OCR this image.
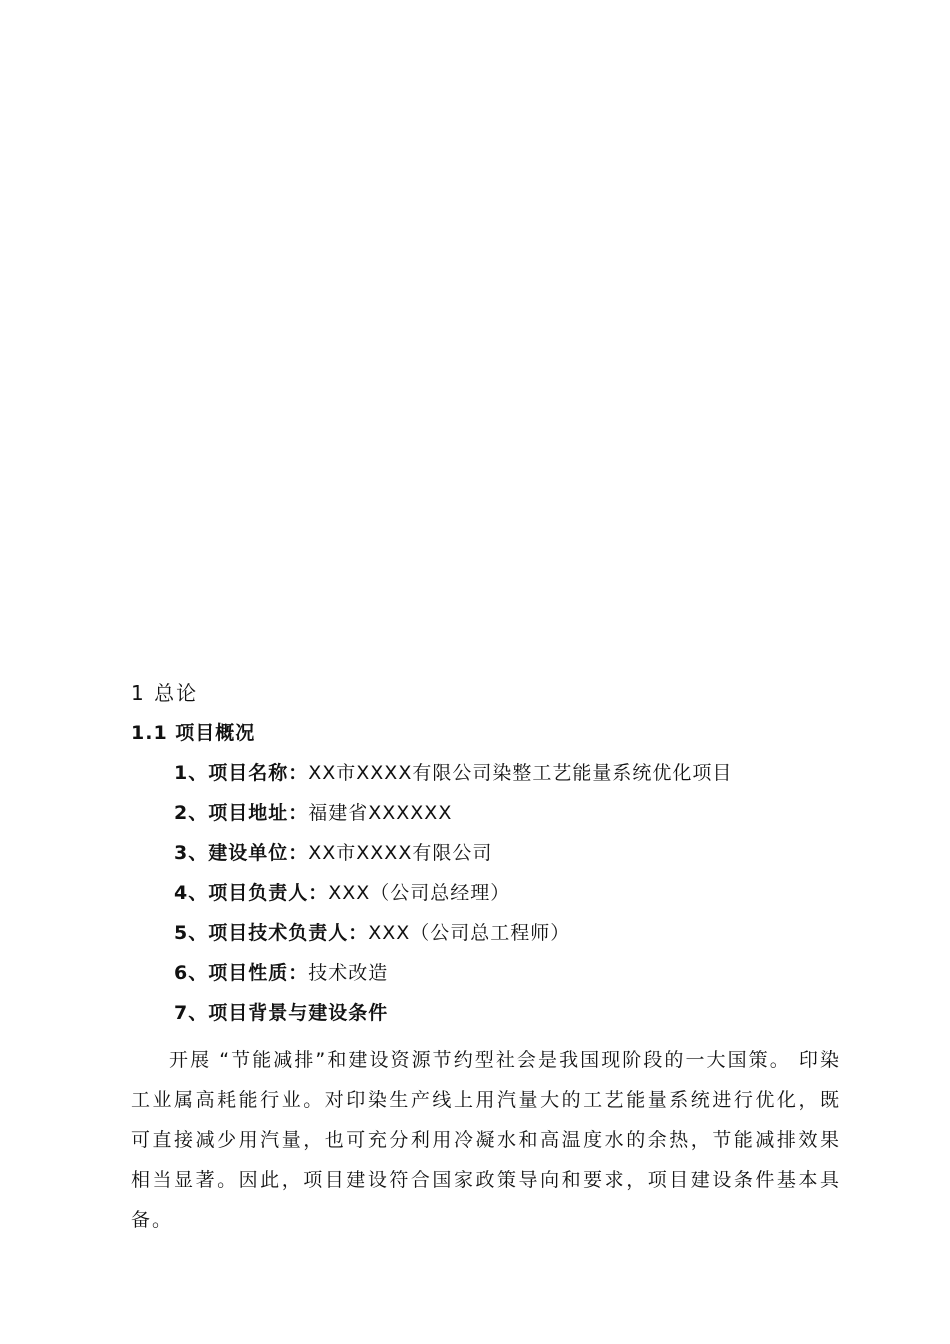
1 总论
1.1 项目概况
1、项目名称：XX市XXXX有限公司染整工艺能量系统优化项目
2、项目地址：福建省XXXXXX
3、建设单位：XX市XXXX有限公司
4、项目负责人：XXX（公司总经理）
5、项目技术负责人：XXX（公司总工程师）
6、项目性质：技术改造
7、项目背景与建设条件
开展 “节能减排”和建设资源节约型社会是我国现阶段的一大国策。 印染工业属高耗能行业。对印染生产线上用汽量大的工艺能量系统进行优化，既可直接减少用汽量，也可充分利用冷凝水和高温度水的余热，节能减排效果相当显著。因此，项目建设符合国家政策导向和要求，项目建设条件基本具备。
